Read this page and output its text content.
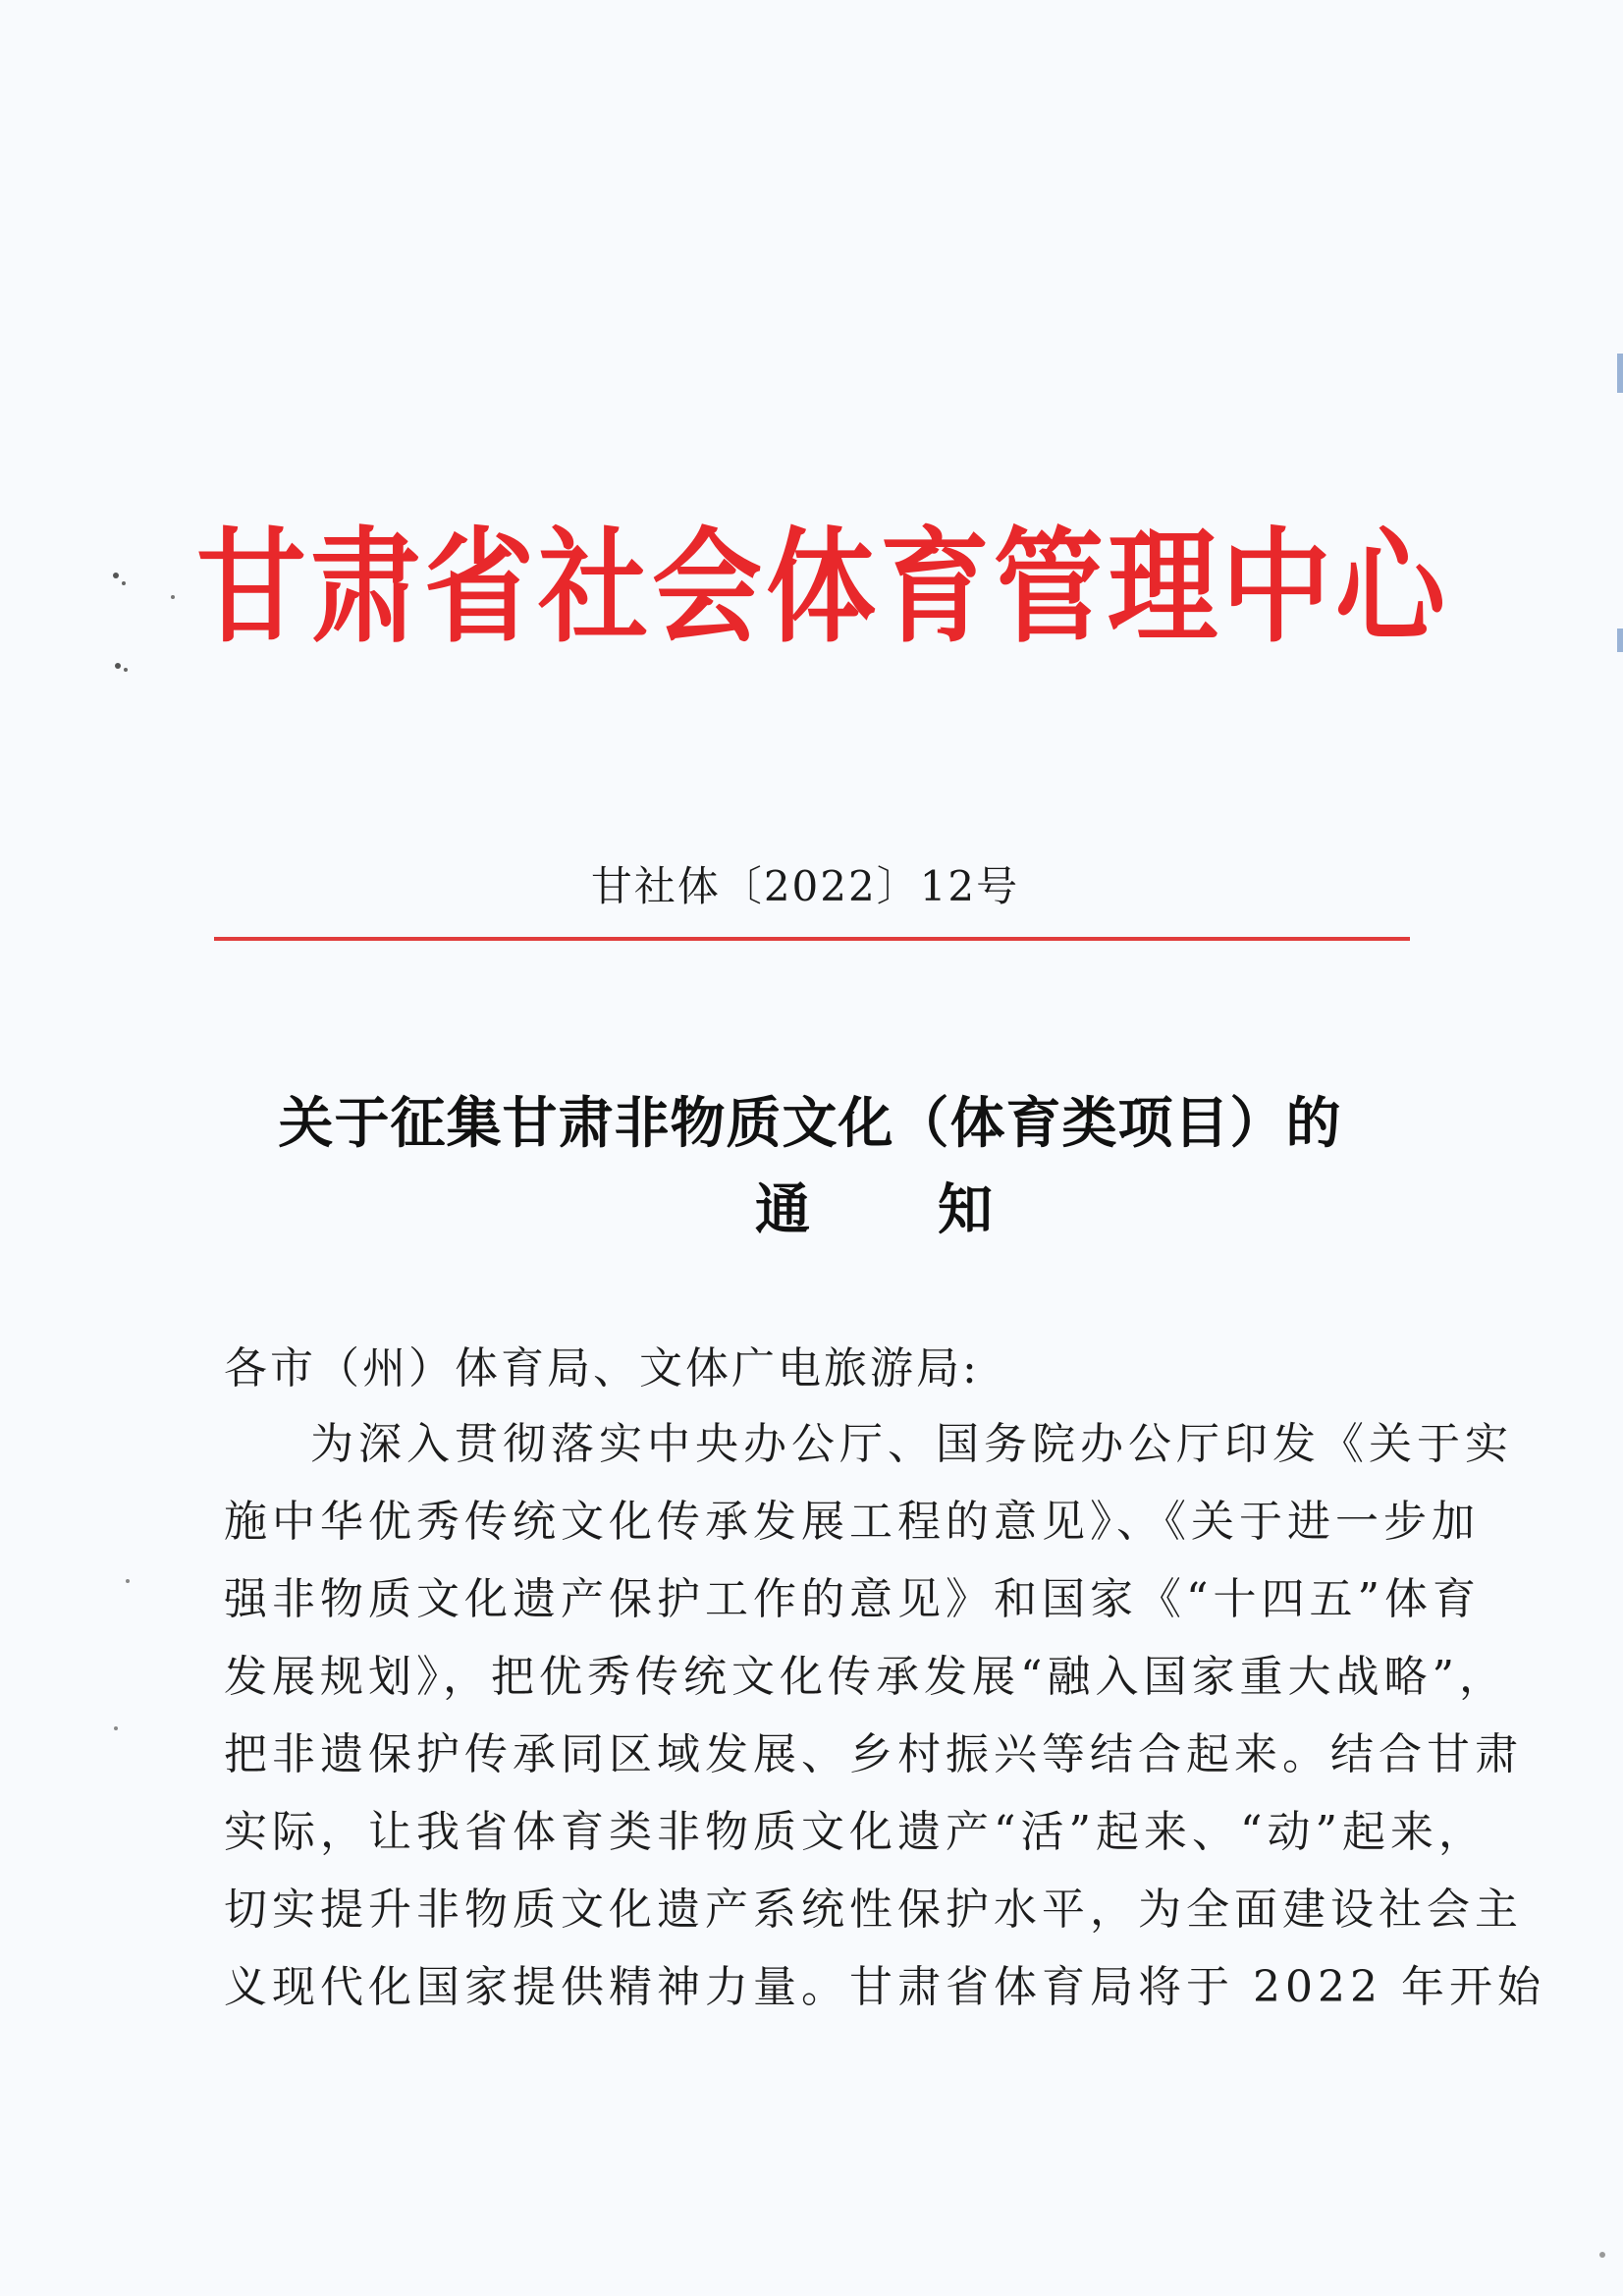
甘肃省社会体育管理中心
甘社体〔2022〕12号
关于征集甘肃非物质文化（体育类项目）的
通知
各市（州）体育局、文体广电旅游局:
为深入贯彻落实中央办公厅、国务院办公厅印发《关于实
施中华优秀传统文化传承发展工程的意见》、《关于进一步加
强非物质文化遗产保护工作的意见》和国家《“十四五”体育
发展规划》，把优秀传统文化传承发展“融入国家重大战略”，
把非遗保护传承同区域发展、乡村振兴等结合起来。结合甘肃
实际，让我省体育类非物质文化遗产“活”起来、“动”起来，
切实提升非物质文化遗产系统性保护水平，为全面建设社会主
义现代化国家提供精神力量。甘肃省体育局将于 2022 年开始
